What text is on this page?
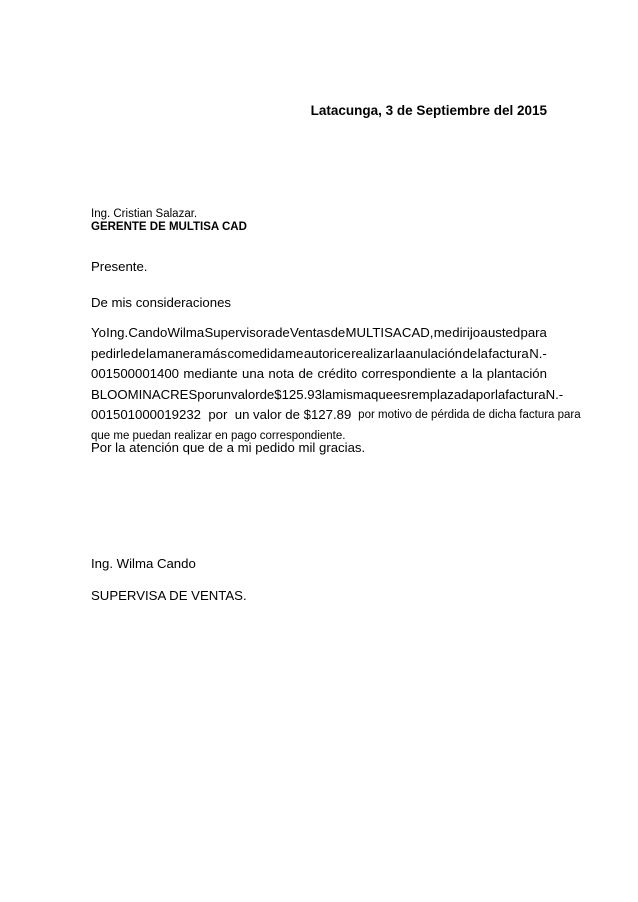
Latacunga, 3 de Septiembre del 2015
Ing. Cristian Salazar.
GERENTE DE MULTISA CAD
Presente.
De mis consideraciones
Yo Ing. Cando Wilma Supervisora de Ventas de MULTISA CAD, me dirijo a usted para
pedirle de la manera más comedida me autorice realizar la anulación de la factura N.-
001500001400 mediante una nota de crédito correspondiente a la plantación
BLOOMINACRES por un valor de $125.93 la misma que es remplazada por la factura N.-
001501000019232  por  un valor de $127.89 por motivo de pérdida de dicha factura para
que me puedan realizar en pago correspondiente.
Por la atención que de a mi pedido mil gracias.
Ing. Wilma Cando
SUPERVISA DE VENTAS.
